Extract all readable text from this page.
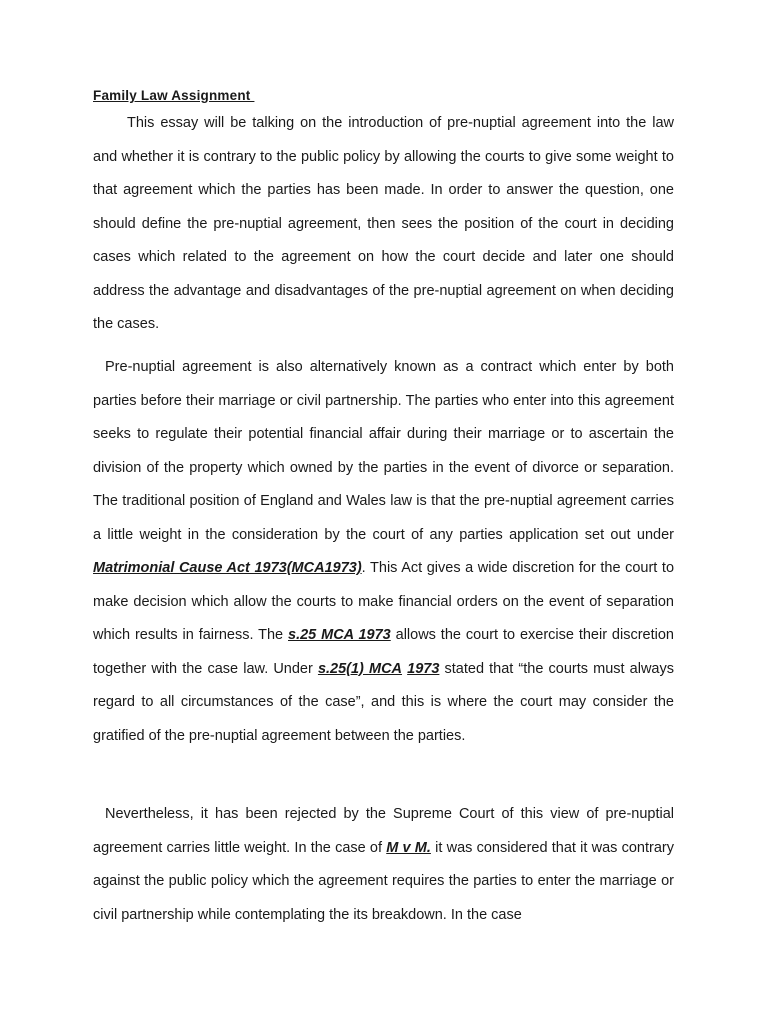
Family Law Assignment

This essay will be talking on the introduction of pre-nuptial agreement into the law and whether it is contrary to the public policy by allowing the courts to give some weight to that agreement which the parties has been made. In order to answer the question, one should define the pre-nuptial agreement, then sees the position of the court in deciding cases which related to the agreement on how the court decide and later one should address the advantage and disadvantages of the pre-nuptial agreement on when deciding the cases.

Pre-nuptial agreement is also alternatively known as a contract which enter by both parties before their marriage or civil partnership. The parties who enter into this agreement seeks to regulate their potential financial affair during their marriage or to ascertain the division of the property which owned by the parties in the event of divorce or separation. The traditional position of England and Wales law is that the pre-nuptial agreement carries a little weight in the consideration by the court of any parties application set out under Matrimonial Cause Act 1973(MCA1973). This Act gives a wide discretion for the court to make decision which allow the courts to make financial orders on the event of separation which results in fairness. The s.25 MCA 1973 allows the court to exercise their discretion together with the case law. Under s.25(1) MCA 1973 stated that “the courts must always regard to all circumstances of the case”, and this is where the court may consider the gratified of the pre-nuptial agreement between the parties.

Nevertheless, it has been rejected by the Supreme Court of this view of pre-nuptial agreement carries little weight. In the case of M v M. it was considered that it was contrary against the public policy which the agreement requires the parties to enter the marriage or civil partnership while contemplating the its breakdown. In the case
